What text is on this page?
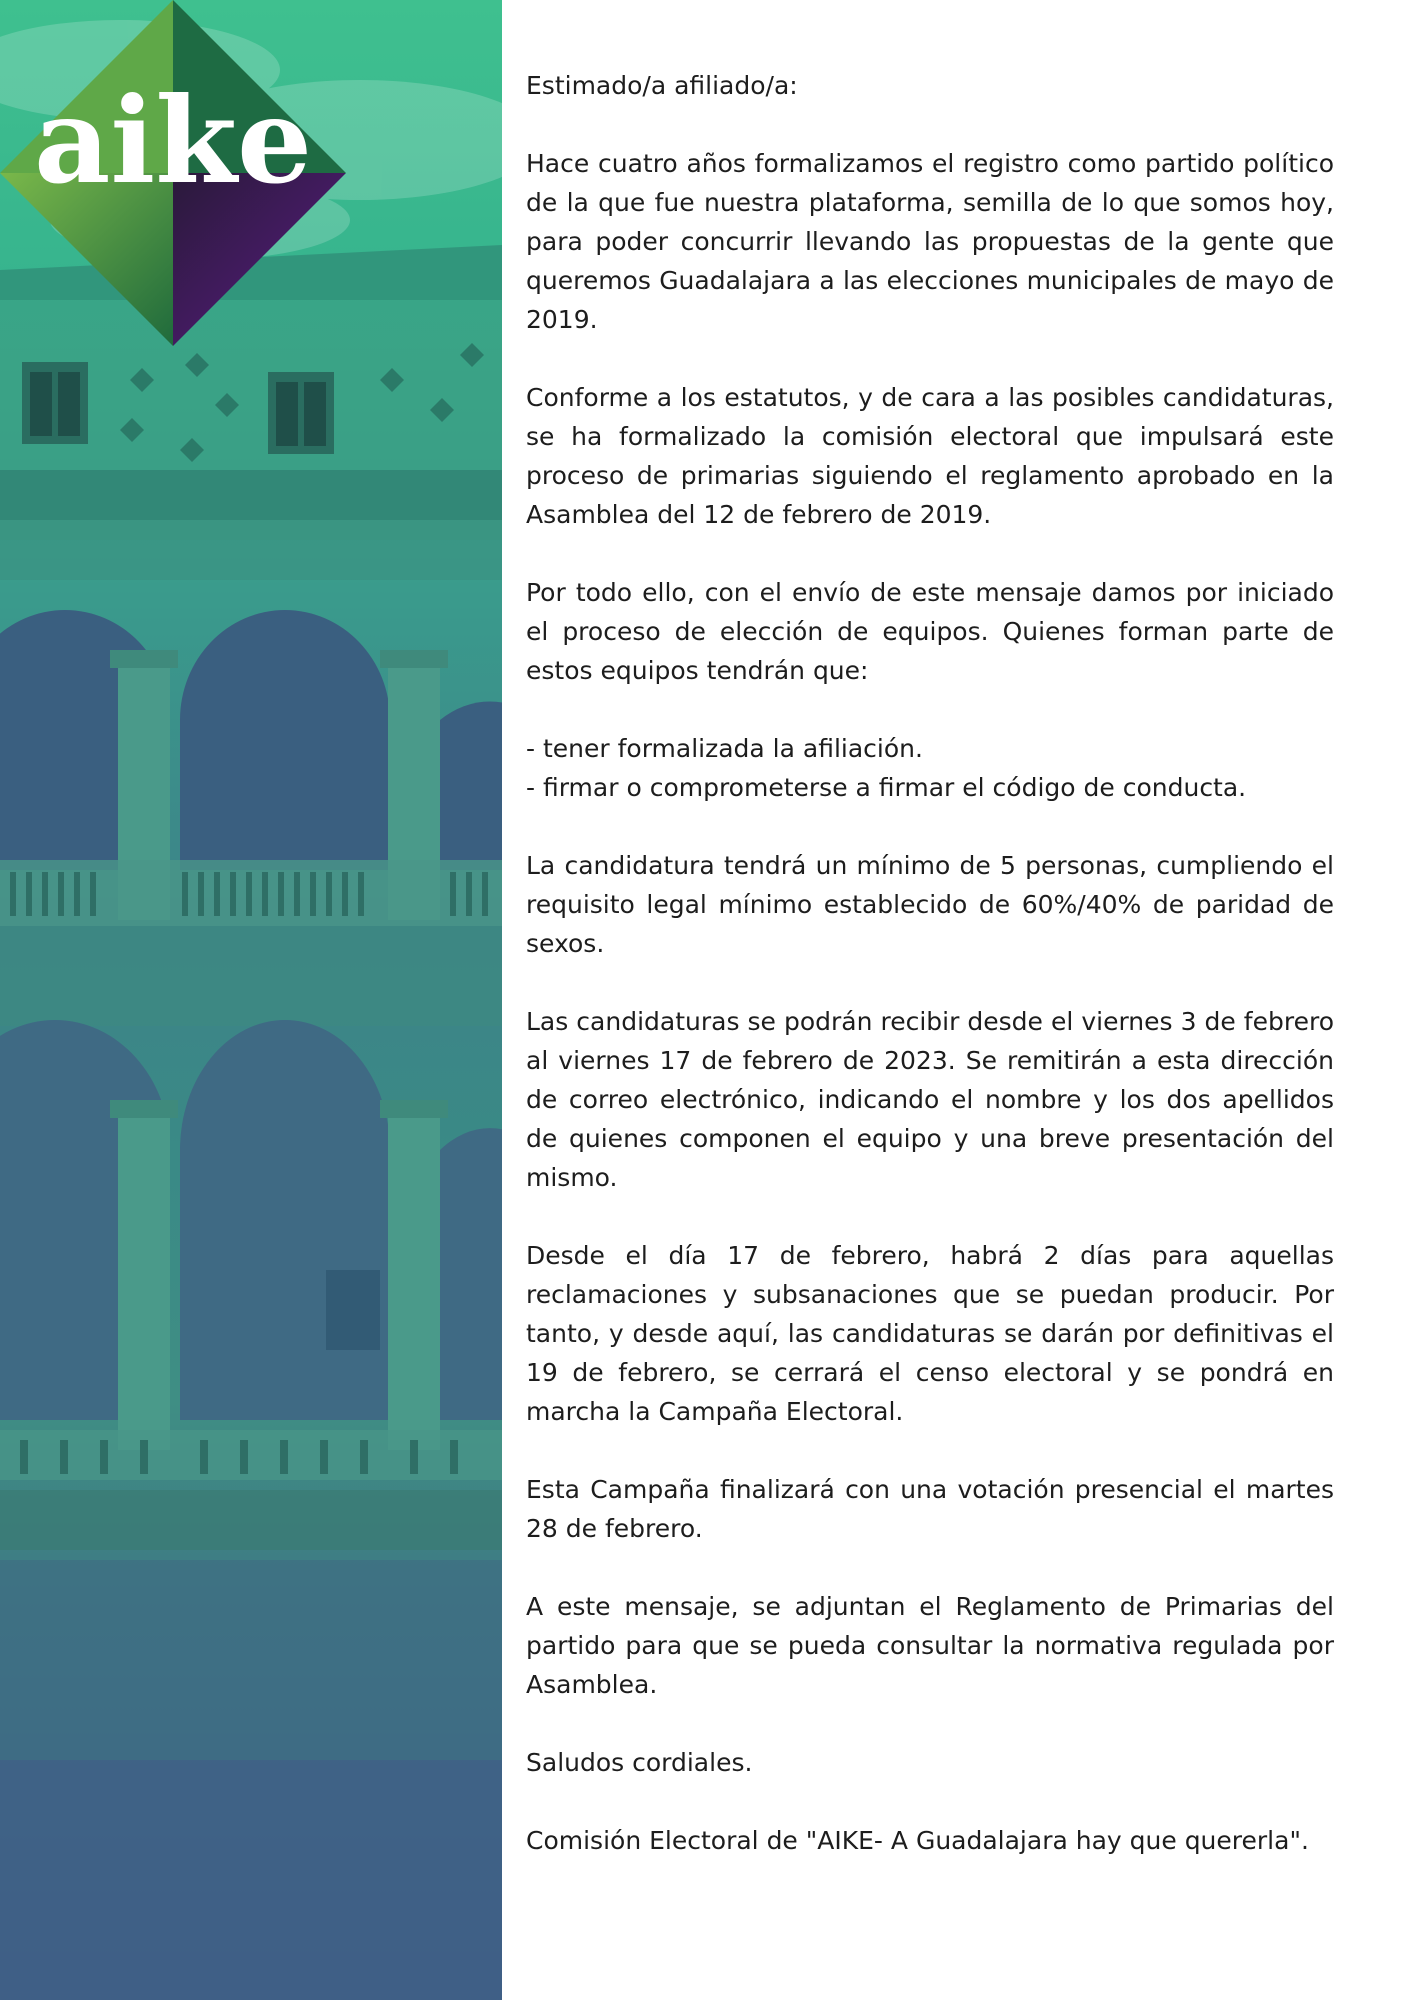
aike	Estimado/a afiliado/a:

Hace cuatro años formalizamos el registro como partido político de la que fue nuestra plataforma, semilla de lo que somos hoy, para poder concurrir llevando las propuestas de la gente que queremos Guadalajara a las elecciones municipales de mayo de 2019.

Conforme a los estatutos, y de cara a las posibles candidaturas, se ha formalizado la comisión electoral que impulsará este proceso de primarias siguiendo el reglamento aprobado en la Asamblea del 12 de febrero de 2019.

Por todo ello, con el envío de este mensaje damos por iniciado el proceso de elección de equipos. Quienes forman parte de estos equipos tendrán que:

- tener formalizada la afiliación.

- firmar o comprometerse a firmar el código de conducta.

La candidatura tendrá un mínimo de 5 personas, cumpliendo el requisito legal mínimo establecido de 60%/40% de paridad de sexos.

Las candidaturas se podrán recibir desde el viernes 3 de febrero al viernes 17 de febrero de 2023. Se remitirán a esta dirección de correo electrónico, indicando el nombre y los dos apellidos de quienes componen el equipo y una breve presentación del mismo.

Desde el día 17 de febrero, habrá 2 días para aquellas reclamaciones y subsanaciones que se puedan producir. Por tanto, y desde aquí, las candidaturas se darán por definitivas el 19 de febrero, se cerrará el censo electoral y se pondrá en marcha la Campaña Electoral.

Esta Campaña finalizará con una votación presencial el martes 28 de febrero.

A este mensaje, se adjuntan el Reglamento de Primarias del partido para que se pueda consultar la normativa regulada por Asamblea.

Saludos cordiales.

Comisión Electoral de "AIKE- A Guadalajara hay que quererla".
